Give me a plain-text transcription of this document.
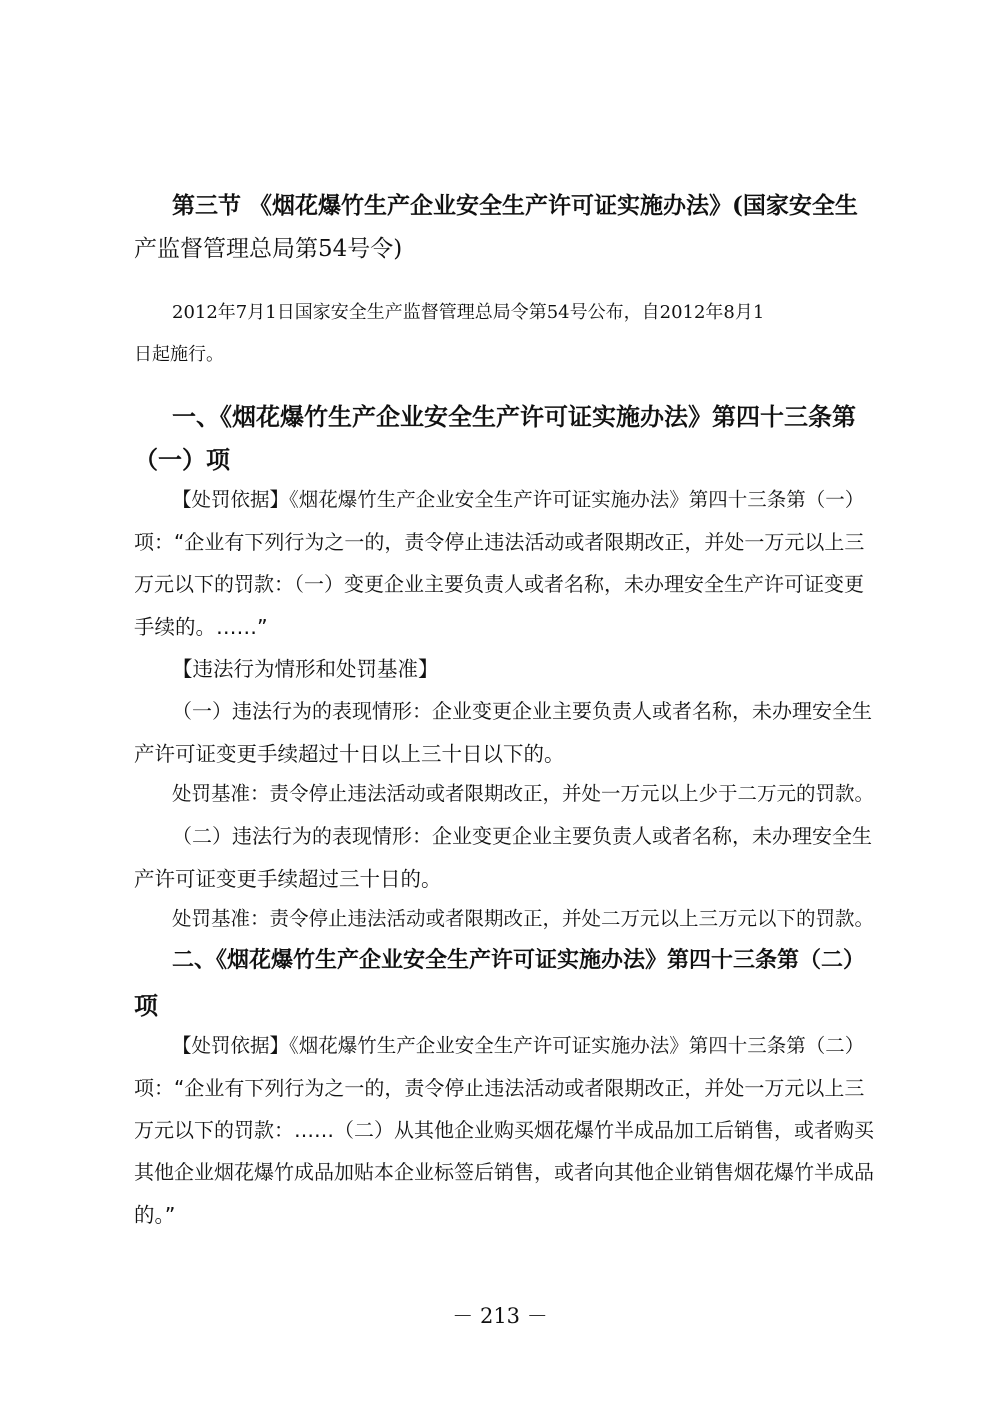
第三节 《烟花爆竹生产企业安全生产许可证实施办法》(国家安全生
产监督管理总局第54号令)
2012年7月1日国家安全生产监督管理总局令第54号公布，自2012年8月1
日起施行。
一、《烟花爆竹生产企业安全生产许可证实施办法》第四十三条第
（一）项
【处罚依据】《烟花爆竹生产企业安全生产许可证实施办法》第四十三条第（一）
项：“企业有下列行为之一的，责令停止违法活动或者限期改正，并处一万元以上三
万元以下的罚款：（一）变更企业主要负责人或者名称，未办理安全生产许可证变更
手续的。……”
【违法行为情形和处罚基准】
（一）违法行为的表现情形：企业变更企业主要负责人或者名称，未办理安全生
产许可证变更手续超过十日以上三十日以下的。
处罚基准：责令停止违法活动或者限期改正，并处一万元以上少于二万元的罚款。
（二）违法行为的表现情形：企业变更企业主要负责人或者名称，未办理安全生
产许可证变更手续超过三十日的。
处罚基准：责令停止违法活动或者限期改正，并处二万元以上三万元以下的罚款。
二、《烟花爆竹生产企业安全生产许可证实施办法》第四十三条第（二）
项
【处罚依据】《烟花爆竹生产企业安全生产许可证实施办法》第四十三条第（二）
项：“企业有下列行为之一的，责令停止违法活动或者限期改正，并处一万元以上三
万元以下的罚款：……（二）从其他企业购买烟花爆竹半成品加工后销售，或者购买
其他企业烟花爆竹成品加贴本企业标签后销售，或者向其他企业销售烟花爆竹半成品
的。”
－ 213 －
